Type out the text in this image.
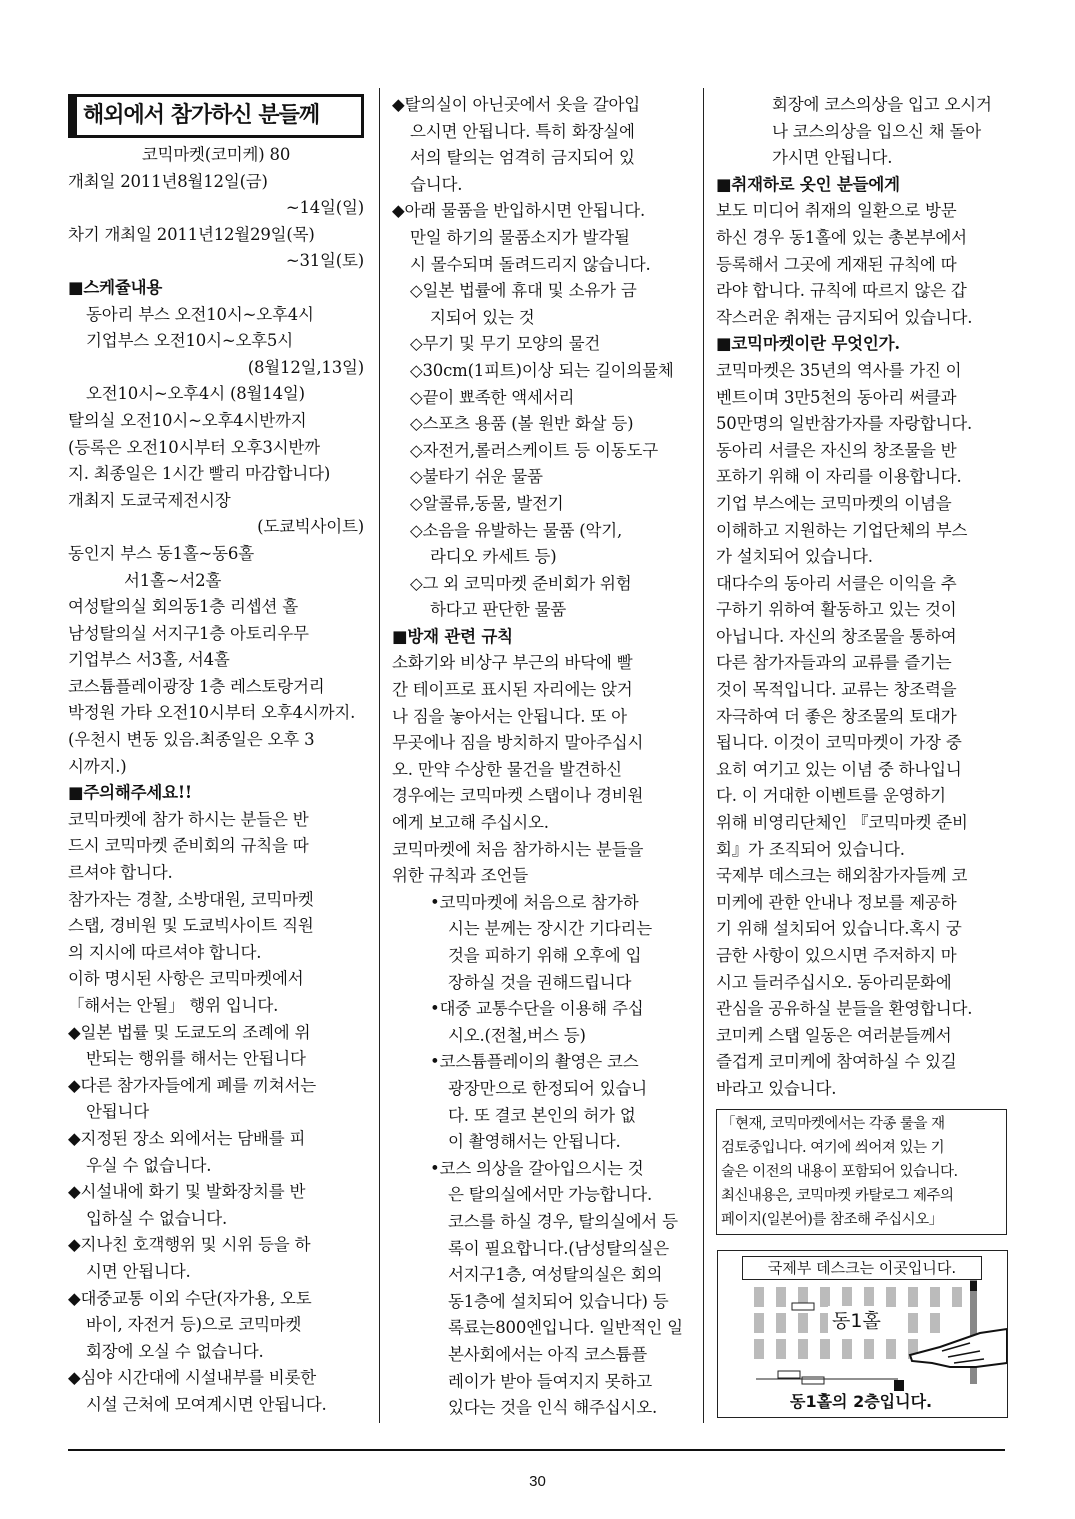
해외에서 참가하신 분들께
코믹마켓(코미케) 80
개최일 2011년8월12일(금)
~14일(일)
차기 개최일 2011년12월29일(목)
~31일(토)
■스케쥴내용
동아리 부스 오전10시~오후4시
기업부스 오전10시~오후5시
(8월12일,13일)
오전10시~오후4시 (8월14일)
탈의실 오전10시~오후4시반까지
(등록은 오전10시부터 오후3시반까
지. 최종일은 1시간 빨리 마감합니다)
개최지 도쿄국제전시장
(도쿄빅사이트)
동인지 부스 동1홀~동6홀
서1홀~서2홀
여성탈의실 회의동1층 리셉션 홀
남성탈의실 서지구1층 아토리우무
기업부스 서3홀, 서4홀
코스튬플레이광장 1층 레스토랑거리
박정원 가타 오전10시부터 오후4시까지.
(우천시 변동 있음.최종일은 오후 3
시까지.)
■주의해주세요!!
코믹마켓에 참가 하시는 분들은 반
드시 코믹마켓 준비회의 규칙을 따
르셔야 합니다.
참가자는 경찰, 소방대원, 코믹마켓
스탭, 경비원 및 도쿄빅사이트 직원
의 지시에 따르셔야 합니다.
이하 명시된 사항은 코믹마켓에서
「해서는 안될」 행위 입니다.
◆일본 법률 및 도쿄도의 조례에 위
반되는 행위를 해서는 안됩니다
◆다른 참가자들에게 폐를 끼쳐서는
안됩니다
◆지정된 장소 외에서는 담배를 피
우실 수 없습니다.
◆시설내에 화기 및 발화장치를 반
입하실 수 없습니다.
◆지나친 호객행위 및 시위 등을 하
시면 안됩니다.
◆대중교통 이외 수단(자가용, 오토
바이, 자전거 등)으로 코믹마켓
회장에 오실 수 없습니다.
◆심야 시간대에 시설내부를 비롯한
시설 근처에 모여계시면 안됩니다.
◆탈의실이 아닌곳에서 옷을 갈아입
으시면 안됩니다. 특히 화장실에
서의 탈의는 엄격히 금지되어 있
습니다.
◆아래 물품을 반입하시면 안됩니다.
만일 하기의 물품소지가 발각될
시 몰수되며 돌려드리지 않습니다.
◇일본 법률에 휴대 및 소유가 금
지되어 있는 것
◇무기 및 무기 모양의 물건
◇30cm(1피트)이상 되는 길이의물체
◇끝이 뾰족한 액세서리
◇스포츠 용품 (볼 원반 화살 등)
◇자전거,롤러스케이트 등 이동도구
◇불타기 쉬운 물품
◇알콜류,동물, 발전기
◇소음을 유발하는 물품 (악기,
라디오 카세트 등)
◇그 외 코믹마켓 준비회가 위험
하다고 판단한 물품
■방재 관련 규칙
소화기와 비상구 부근의 바닥에 빨
간 테이프로 표시된 자리에는 앉거
나 짐을 놓아서는 안됩니다. 또 아
무곳에나 짐을 방치하지 말아주십시
오. 만약 수상한 물건을 발견하신
경우에는 코믹마켓 스탭이나 경비원
에게 보고해 주십시오.
코믹마켓에 처음 참가하시는 분들을
위한 규칙과 조언들
•코믹마켓에 처음으로 참가하
시는 분께는 장시간 기다리는
것을 피하기 위해 오후에 입
장하실 것을 권해드립니다
•대중 교통수단을 이용해 주십
시오.(전철,버스 등)
•코스튬플레이의 촬영은 코스
광장만으로 한정되어 있습니
다. 또 결코 본인의 허가 없
이 촬영해서는 안됩니다.
•코스 의상을 갈아입으시는 것
은 탈의실에서만 가능합니다.
코스를 하실 경우, 탈의실에서 등
록이 필요합니다.(남성탈의실은
서지구1층, 여성탈의실은 회의
동1층에 설치되어 있습니다) 등
록료는800엔입니다. 일반적인 일
본사회에서는 아직 코스튬플
레이가 받아 들여지지 못하고
있다는 것을 인식 해주십시오.
회장에 코스의상을 입고 오시거
나 코스의상을 입으신 채 돌아
가시면 안됩니다.
■취재하로 옷인 분들에게
보도 미디어 취재의 일환으로 방문
하신 경우 동1홀에 있는 총본부에서
등록해서 그곳에 게재된 규칙에 따
라야 합니다. 규칙에 따르지 않은 갑
작스러운 취재는 금지되어 있습니다.
■코믹마켓이란 무엇인가.
코믹마켓은 35년의 역사를 가진 이
벤트이며 3만5천의 동아리 써클과
50만명의 일반참가자를 자랑합니다.
동아리 서클은 자신의 창조물을 반
포하기 위해 이 자리를 이용합니다.
기업 부스에는 코믹마켓의 이념을
이해하고 지원하는 기업단체의 부스
가 설치되어 있습니다.
대다수의 동아리 서클은 이익을 추
구하기 위하여 활동하고 있는 것이
아닙니다. 자신의 창조물을 통하여
다른 참가자들과의 교류를 즐기는
것이 목적입니다. 교류는 창조력을
자극하여 더 좋은 창조물의 토대가
됩니다. 이것이 코믹마켓이 가장 중
요히 여기고 있는 이념 중 하나입니
다. 이 거대한 이벤트를 운영하기
위해 비영리단체인 『코믹마켓 준비
회』가 조직되어 있습니다.
국제부 데스크는 해외참가자들께 코
미케에 관한 안내나 정보를 제공하
기 위해 설치되어 있습니다.혹시 궁
금한 사항이 있으시면 주저하지 마
시고 들러주십시오. 동아리문화에
관심을 공유하실 분들을 환영합니다.
코미케 스탭 일동은 여러분들께서
즐겁게 코미케에 참여하실 수 있길
바라고 있습니다.
「현재, 코믹마켓에서는 각종 룰을 재
검토중입니다. 여기에 씌어져 있는 기
술은 이전의 내용이 포함되어 있습니다.
최신내용은, 코믹마켓 카탈로그 제주의
페이지(일본어)를 참조해 주십시오」
국제부 데스크는 이곳입니다.
동1홀
동1홀의 2층입니다.
30
